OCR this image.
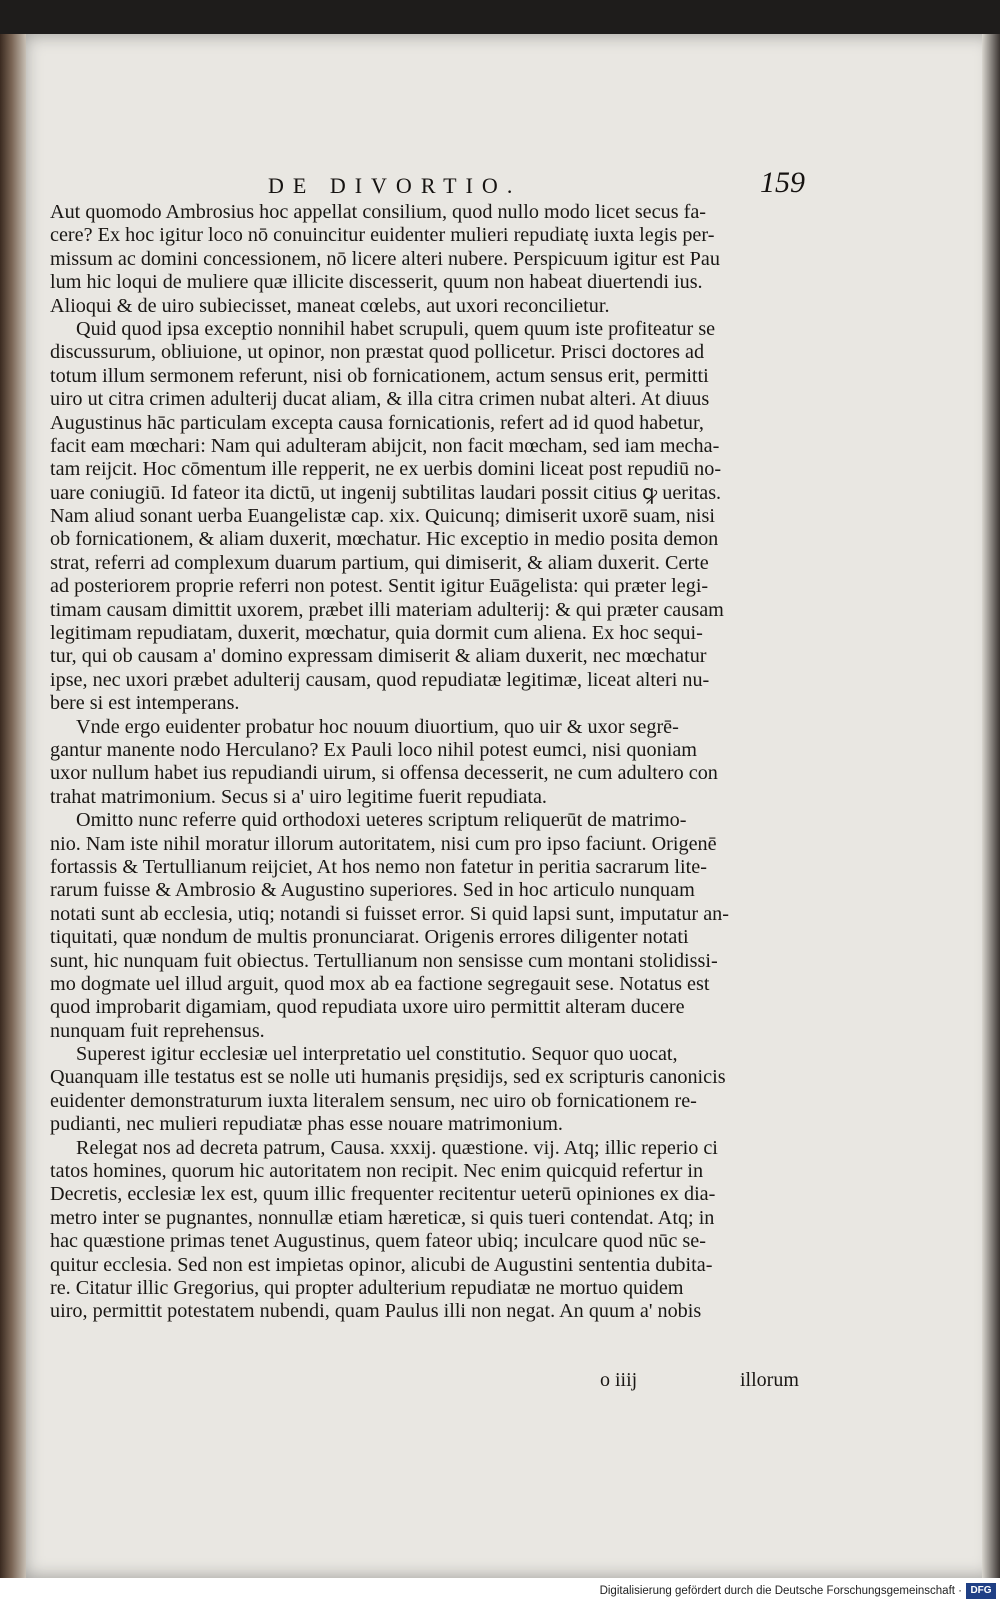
DE DIVORTIO.	159
Aut quomodo Ambrosius hoc appellat consilium, quod nullo modo licet secus fa-
cere? Ex hoc igitur loco nō conuincitur euidenter mulieri repudiatę iuxta legis per-
missum ac domini concessionem, nō licere alteri nubere. Perspicuum igitur est Pau
lum hic loqui de muliere quæ illicite discesserit, quum non habeat diuertendi ius.
Alioqui & de uiro subiecisset, maneat cœlebs, aut uxori reconcilietur.
Quid quod ipsa exceptio nonnihil habet scrupuli, quem quum iste profiteatur se
discussurum, obliuione, ut opinor, non præstat quod pollicetur. Prisci doctores ad
totum illum sermonem referunt, nisi ob fornicationem, actum sensus erit, permitti
uiro ut citra crimen adulterij ducat aliam, & illa citra crimen nubat alteri. At diuus
Augustinus hāc particulam excepta causa fornicationis, refert ad id quod habetur,
facit eam mœchari: Nam qui adulteram abijcit, non facit mœcham, sed iam mecha-
tam reijcit. Hoc cōmentum ille repperit, ne ex uerbis domini liceat post repudiū no-
uare coniugiū. Id fateor ita dictū, ut ingenij subtilitas laudari possit citius ꝙ ueritas.
Nam aliud sonant uerba Euangelistæ cap. xix. Quicunq; dimiserit uxorē suam, nisi
ob fornicationem, & aliam duxerit, mœchatur. Hic exceptio in medio posita demon
strat, referri ad complexum duarum partium, qui dimiserit, & aliam duxerit. Certe
ad posteriorem proprie referri non potest. Sentit igitur Euāgelista: qui præter legi-
timam causam dimittit uxorem, præbet illi materiam adulterij: & qui præter causam
legitimam repudiatam, duxerit, mœchatur, quia dormit cum aliena. Ex hoc sequi-
tur, qui ob causam a' domino expressam dimiserit & aliam duxerit, nec mœchatur
ipse, nec uxori præbet adulterij causam, quod repudiatæ legitimæ, liceat alteri nu-
bere si est intemperans.
Vnde ergo euidenter probatur hoc nouum diuortium, quo uir & uxor segrē-
gantur manente nodo Herculano? Ex Pauli loco nihil potest eumci, nisi quoniam
uxor nullum habet ius repudiandi uirum, si offensa decesserit, ne cum adultero con
trahat matrimonium. Secus si a' uiro legitime fuerit repudiata.
Omitto nunc referre quid orthodoxi ueteres scriptum reliquerūt de matrimo-
nio. Nam iste nihil moratur illorum autoritatem, nisi cum pro ipso faciunt. Origenē
fortassis & Tertullianum reijciet, At hos nemo non fatetur in peritia sacrarum lite-
rarum fuisse & Ambrosio & Augustino superiores. Sed in hoc articulo nunquam
notati sunt ab ecclesia, utiq; notandi si fuisset error. Si quid lapsi sunt, imputatur an-
tiquitati, quæ nondum de multis pronunciarat. Origenis errores diligenter notati
sunt, hic nunquam fuit obiectus. Tertullianum non sensisse cum montani stolidissi-
mo dogmate uel illud arguit, quod mox ab ea factione segregauit sese. Notatus est
quod improbarit digamiam, quod repudiata uxore uiro permittit alteram ducere
nunquam fuit reprehensus.
Superest igitur ecclesiæ uel interpretatio uel constitutio. Sequor quo uocat,
Quanquam ille testatus est se nolle uti humanis pręsidijs, sed ex scripturis canonicis
euidenter demonstraturum iuxta literalem sensum, nec uiro ob fornicationem re-
pudianti, nec mulieri repudiatæ phas esse nouare matrimonium.
Relegat nos ad decreta patrum, Causa. xxxij. quæstione. vij. Atq; illic reperio ci
tatos homines, quorum hic autoritatem non recipit. Nec enim quicquid refertur in
Decretis, ecclesiæ lex est, quum illic frequenter recitentur ueterū opiniones ex dia-
metro inter se pugnantes, nonnullæ etiam hæreticæ, si quis tueri contendat. Atq; in
hac quæstione primas tenet Augustinus, quem fateor ubiq; inculcare quod nūc se-
quitur ecclesia. Sed non est impietas opinor, alicubi de Augustini sententia dubita-
re. Citatur illic Gregorius, qui propter adulterium repudiatæ ne mortuo quidem
uiro, permittit potestatem nubendi, quam Paulus illi non negat. An quum a' nobis
o iiij	illorum
Digitalisierung gefördert durch die Deutsche Forschungsgemeinschaft · DFG
